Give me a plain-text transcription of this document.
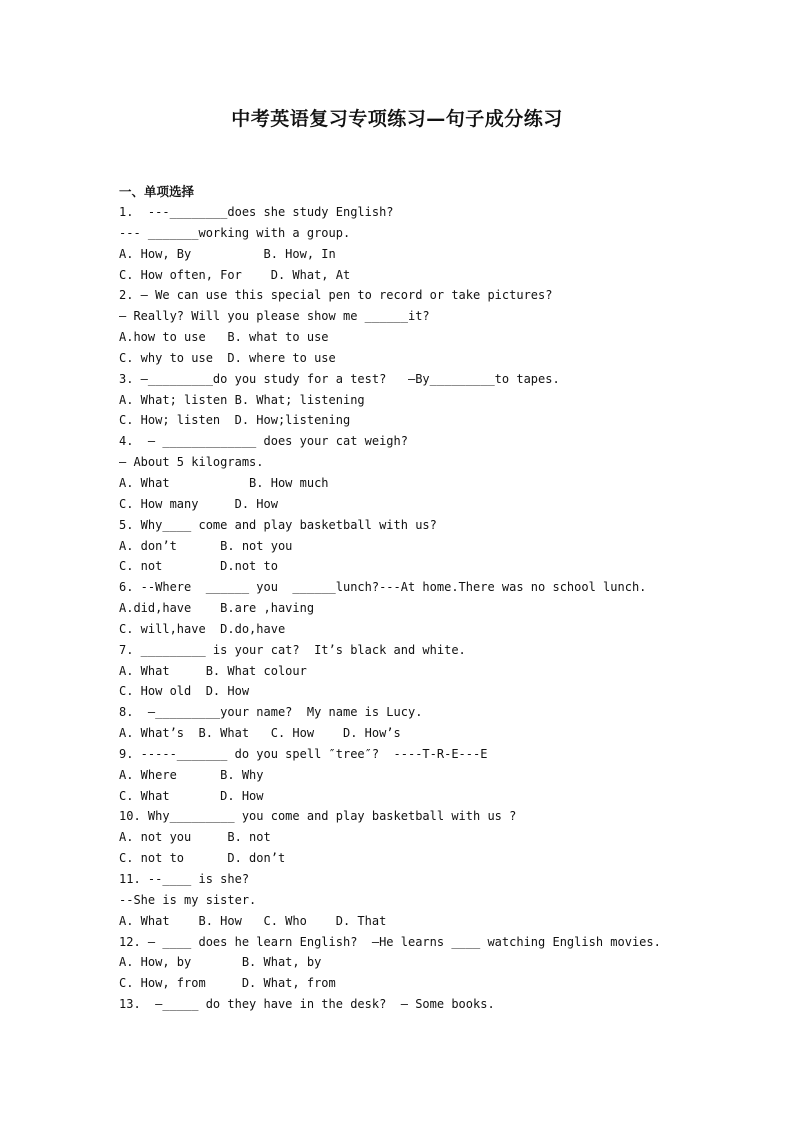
中考英语复习专项练习—句子成分练习
一、单项选择
1.  ---________does she study English?
--- _______working with a group.
A. How, By          B. How, In
C. How often, For    D. What, At
2. — We can use this special pen to record or take pictures?
— Really? Will you please show me ______it?
A.how to use   B. what to use
C. why to use  D. where to use
3. —_________do you study for a test?   —By_________to tapes.
A. What; listen B. What; listening
C. How; listen  D. How;listening
4.  — _____________ does your cat weigh?
— About 5 kilograms.
A. What           B. How much
C. How many     D. How
5. Why____ come and play basketball with us?
A. don’t      B. not you
C. not        D.not to
6. --Where  ______ you  ______lunch?---At home.There was no school lunch.
A.did,have    B.are ,having
C. will,have  D.do,have
7. _________ is your cat?  It’s black and white.
A. What     B. What colour
C. How old  D. How
8.  –_________your name?  My name is Lucy.
A. What’s  B. What   C. How    D. How’s
9. -----_______ do you spell ″tree″?  ----T-R-E---E
A. Where      B. Why
C. What       D. How
10. Why_________ you come and play basketball with us ?
A. not you     B. not
C. not to      D. don’t
11. --____ is she?
--She is my sister.
A. What    B. How   C. Who    D. That
12. — ____ does he learn English?  —He learns ____ watching English movies.
A. How, by       B. What, by
C. How, from     D. What, from
13.  —_____ do they have in the desk?  — Some books.
